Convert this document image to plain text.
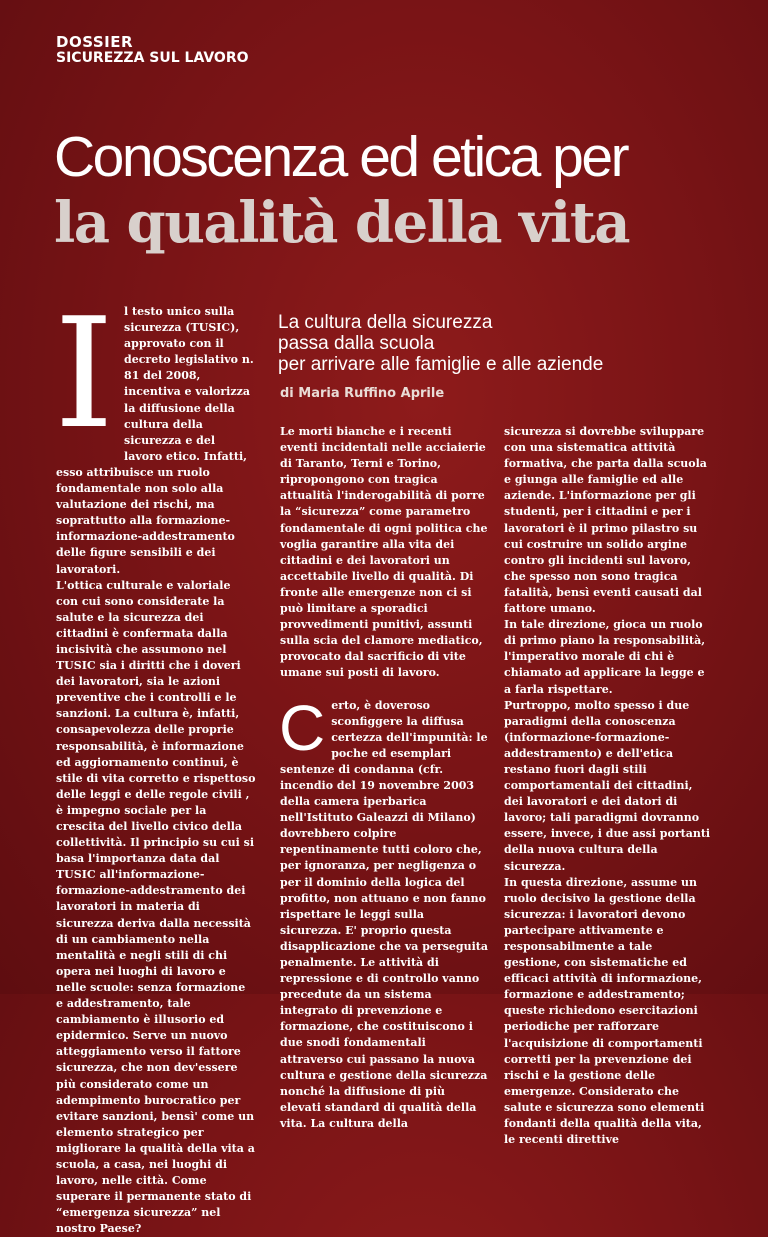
DOSSIER
SICUREZZA SUL LAVORO
Conoscenza ed etica per
la qualità della vita
I l testo unico sulla sicurezza (TUSIC), approvato con il decreto legislativo n. 81 del 2008, incentiva e valorizza la diffusione della cultura della sicurezza e del lavoro etico. Infatti, esso attribuisce un ruolo fondamentale non solo alla valutazione dei rischi, ma soprattutto alla formazione-informazione-addestramento delle figure sensibili e dei lavoratori.

L'ottica culturale e valoriale con cui sono considerate la salute e la sicurezza dei cittadini è confermata dalla incisività che assumono nel TUSIC sia i diritti che i doveri dei lavoratori, sia le azioni preventive che i controlli e le sanzioni. La cultura è, infatti, consapevolezza delle proprie responsabilità, è informazione ed aggiornamento continui, è stile di vita corretto e rispettoso delle leggi e delle regole civili , è impegno sociale per la crescita del livello civico della collettività. Il principio su cui si basa l'importanza data dal TUSIC all'informazione-formazione-addestramento dei lavoratori in materia di sicurezza deriva dalla necessità di un cambiamento nella mentalità e negli stili di chi opera nei luoghi di lavoro e nelle scuole: senza formazione e addestramento, tale cambiamento è illusorio ed epidermico. Serve un nuovo atteggiamento verso il fattore sicurezza, che non dev'essere più considerato come un adempimento burocratico per evitare sanzioni, bensì' come un elemento strategico per migliorare la qualità della vita a scuola, a casa, nei luoghi di lavoro, nelle città. Come superare il permanente stato di “emergenza sicurezza” nel nostro Paese?

La cultura della sicurezza
passa dalla scuola
per arrivare alle famiglie e alle aziende
di Maria Ruffino Aprile

Le morti bianche e i recenti eventi incidentali nelle acciaierie di Taranto, Terni e Torino, ripropongono con tragica attualità l'inderogabilità di porre la “sicurezza” come parametro fondamentale di ogni politica che voglia garantire alla vita dei cittadini e dei lavoratori un accettabile livello di qualità. Di fronte alle emergenze non ci si può limitare a sporadici provvedimenti punitivi, assunti sulla scia del clamore mediatico, provocato dal sacrificio di vite umane sui posti di lavoro.

C erto, è doveroso sconfiggere la diffusa certezza dell'impunità: le poche ed esemplari sentenze di condanna (cfr. incendio del 19 novembre 2003 della camera iperbarica nell'Istituto Galeazzi di Milano) dovrebbero colpire repentinamente tutti coloro che, per ignoranza, per negligenza o per il dominio della logica del profitto, non attuano e non fanno rispettare le leggi sulla sicurezza. E' proprio questa disapplicazione che va perseguita penalmente. Le attività di repressione e di controllo vanno precedute da un sistema integrato di prevenzione e formazione, che costituiscono i due snodi fondamentali attraverso cui passano la nuova cultura e gestione della sicurezza nonché la diffusione di più elevati standard di qualità della vita. La cultura della

sicurezza si dovrebbe sviluppare con una sistematica attività formativa, che parta dalla scuola e giunga alle famiglie ed alle aziende. L'informazione per gli studenti, per i cittadini e per i lavoratori è il primo pilastro su cui costruire un solido argine contro gli incidenti sul lavoro, che spesso non sono tragica fatalità, bensì eventi causati dal fattore umano.

In tale direzione, gioca un ruolo di primo piano la responsabilità, l'imperativo morale di chi è chiamato ad applicare la legge e a farla rispettare.

Purtroppo, molto spesso i due paradigmi della conoscenza (informazione-formazione-addestramento) e dell'etica restano fuori dagli stili comportamentali dei cittadini, dei lavoratori e dei datori di lavoro; tali paradigmi dovranno essere, invece, i due assi portanti della nuova cultura della sicurezza.

In questa direzione, assume un ruolo decisivo la gestione della sicurezza: i lavoratori devono partecipare attivamente e responsabilmente a tale gestione, con sistematiche ed efficaci attività di informazione, formazione e addestramento; queste richiedono esercitazioni periodiche per rafforzare l'acquisizione di comportamenti corretti per la prevenzione dei rischi e la gestione delle emergenze. Considerato che salute e sicurezza sono elementi fondanti della qualità della vita, le recenti direttive
